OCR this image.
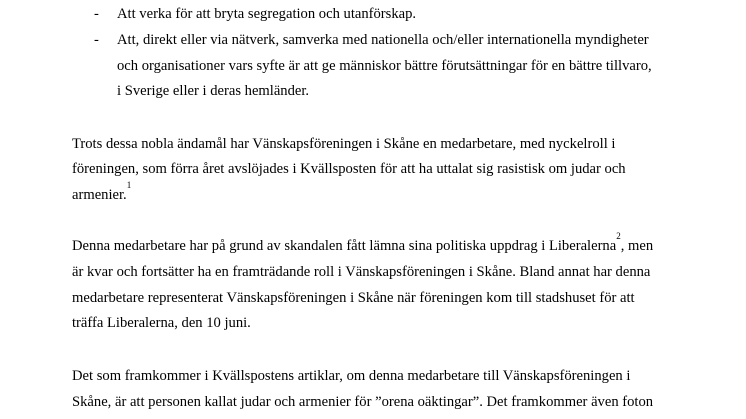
- Att verka för att bryta segregation och utanförskap.
- Att, direkt eller via nätverk, samverka med nationella och/eller internationella myndigheter
och organisationer vars syfte är att ge människor bättre förutsättningar för en bättre tillvaro,
i Sverige eller i deras hemländer.
Trots dessa nobla ändamål har Vänskapsföreningen i Skåne en medarbetare, med nyckelroll i
föreningen, som förra året avslöjades i Kvällsposten för att ha uttalat sig rasistisk om judar och
armenier.$^1$
Denna medarbetare har på grund av skandalen fått lämna sina politiska uppdrag i Liberalerna$^2$, men
är kvar och fortsätter ha en framträdande roll i Vänskapsföreningen i Skåne. Bland annat har denna
medarbetare representerat Vänskapsföreningen i Skåne när föreningen kom till stadshuset för att
träffa Liberalerna, den 10 juni.
Det som framkommer i Kvällspostens artiklar, om denna medarbetare till Vänskapsföreningen i
Skåne, är att personen kallat judar och armenier för ”orena oäktingar”. Det framkommer även foton
